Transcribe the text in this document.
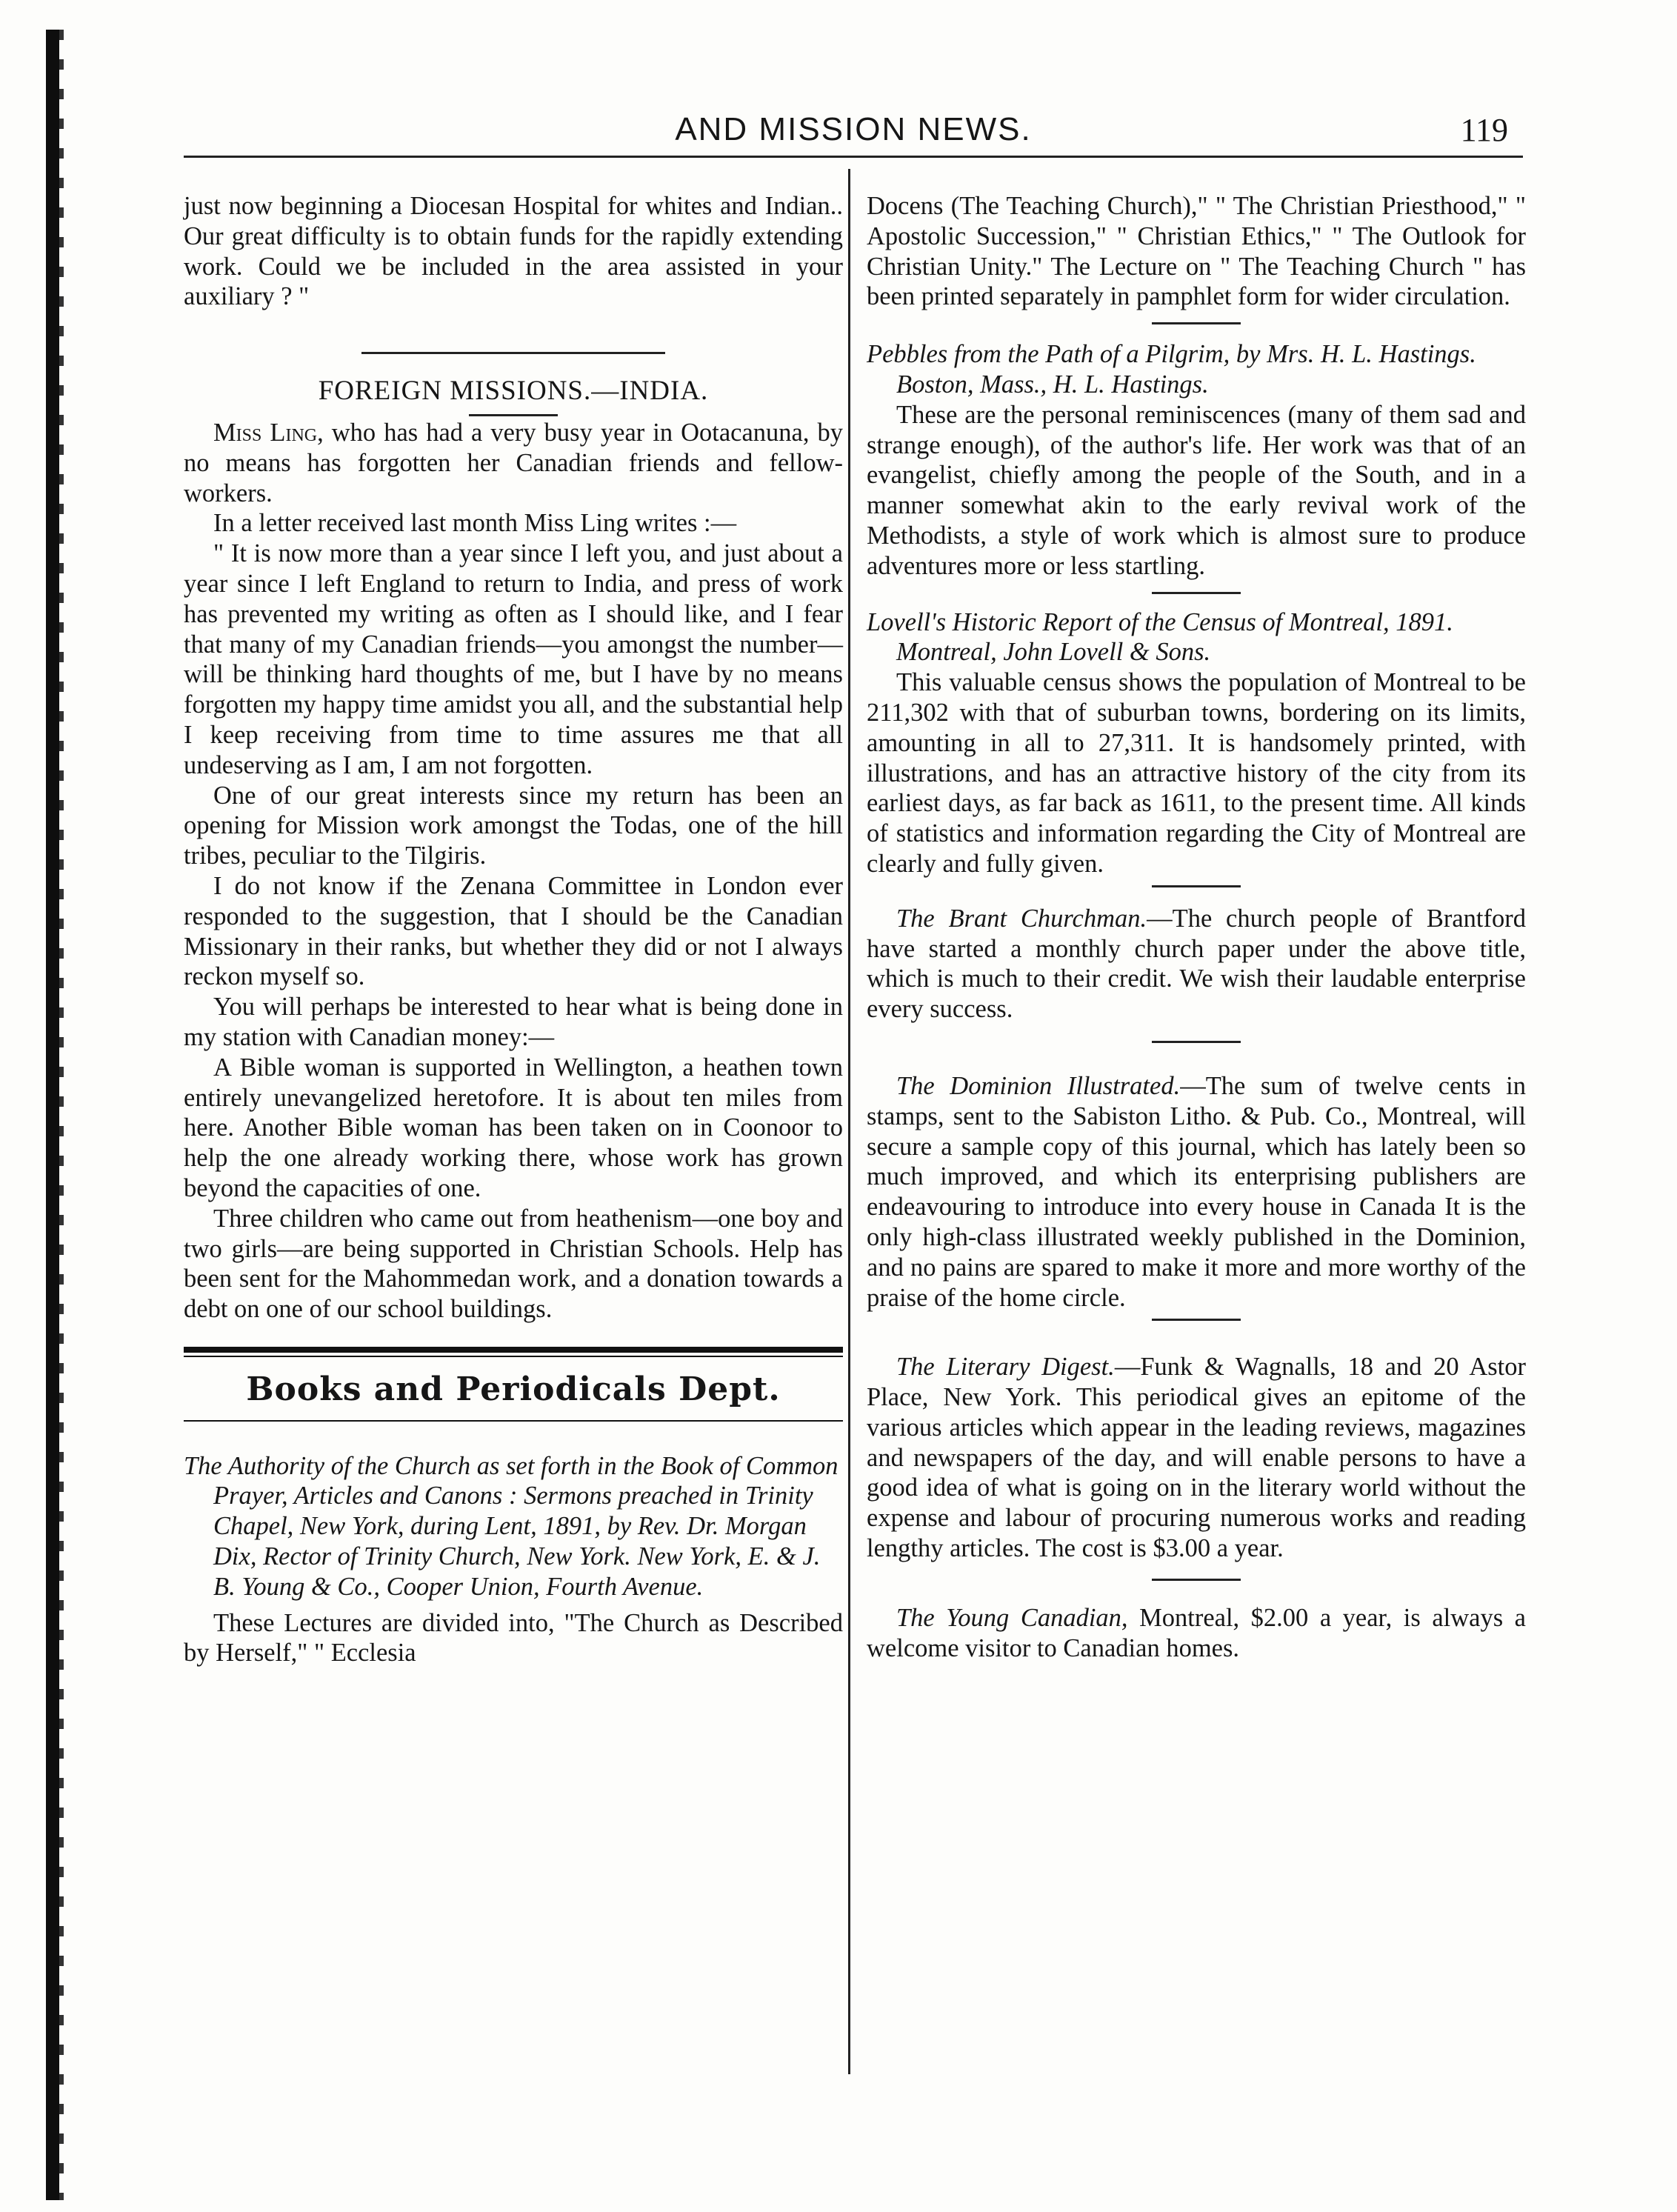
AND MISSION NEWS.	119

just now beginning a Diocesan Hospital for whites and Indian.. Our great difficulty is to obtain funds for the rapidly extending work. Could we be included in the area assisted in your auxiliary ? "

FOREIGN MISSIONS.—INDIA.

Miss Ling, who has had a very busy year in Ootacanuna, by no means has forgotten her Canadian friends and fellow-workers.

In a letter received last month Miss Ling writes :—

" It is now more than a year since I left you, and just about a year since I left England to return to India, and press of work has prevented my writing as often as I should like, and I fear that many of my Canadian friends—you amongst the number—will be thinking hard thoughts of me, but I have by no means forgotten my happy time amidst you all, and the substantial help I keep receiving from time to time assures me that all undeserving as I am, I am not forgotten.

One of our great interests since my return has been an opening for Mission work amongst the Todas, one of the hill tribes, peculiar to the Tilgiris.

I do not know if the Zenana Committee in London ever responded to the suggestion, that I should be the Canadian Missionary in their ranks, but whether they did or not I always reckon myself so.

You will perhaps be interested to hear what is being done in my station with Canadian money:—

A Bible woman is supported in Wellington, a heathen town entirely unevangelized heretofore. It is about ten miles from here. Another Bible woman has been taken on in Coonoor to help the one already working there, whose work has grown beyond the capacities of one.

Three children who came out from heathenism—one boy and two girls—are being supported in Christian Schools. Help has been sent for the Mahommedan work, and a donation towards a debt on one of our school buildings.

Books and Periodicals Dept.

The Authority of the Church as set forth in the Book of Common Prayer, Articles and Canons : Sermons preached in Trinity Chapel, New York, during Lent, 1891, by Rev. Dr. Morgan Dix, Rector of Trinity Church, New York. New York, E. & J. B. Young & Co., Cooper Union, Fourth Avenue.

These Lectures are divided into, "The Church as Described by Herself," " Ecclesia

Docens (The Teaching Church)," " The Christian Priesthood," " Apostolic Succession," " Christian Ethics," " The Outlook for Christian Unity." The Lecture on " The Teaching Church " has been printed separately in pamphlet form for wider circulation.

Pebbles from the Path of a Pilgrim, by Mrs. H. L. Hastings. Boston, Mass., H. L. Hastings.

These are the personal reminiscences (many of them sad and strange enough), of the author's life. Her work was that of an evangelist, chiefly among the people of the South, and in a manner somewhat akin to the early revival work of the Methodists, a style of work which is almost sure to produce adventures more or less startling.

Lovell's Historic Report of the Census of Montreal, 1891. Montreal, John Lovell & Sons.

This valuable census shows the population of Montreal to be 211,302 with that of suburban towns, bordering on its limits, amounting in all to 27,311. It is handsomely printed, with illustrations, and has an attractive history of the city from its earliest days, as far back as 1611, to the present time. All kinds of statistics and information regarding the City of Montreal are clearly and fully given.

The Brant Churchman.—The church people of Brantford have started a monthly church paper under the above title, which is much to their credit. We wish their laudable enterprise every success.

The Dominion Illustrated.—The sum of twelve cents in stamps, sent to the Sabiston Litho. & Pub. Co., Montreal, will secure a sample copy of this journal, which has lately been so much improved, and which its enterprising publishers are endeavouring to introduce into every house in Canada It is the only high-class illustrated weekly published in the Dominion, and no pains are spared to make it more and more worthy of the praise of the home circle.

The Literary Digest.—Funk & Wagnalls, 18 and 20 Astor Place, New York. This periodical gives an epitome of the various articles which appear in the leading reviews, magazines and newspapers of the day, and will enable persons to have a good idea of what is going on in the literary world without the expense and labour of procuring numerous works and reading lengthy articles. The cost is $3.00 a year.

The Young Canadian, Montreal, $2.00 a year, is always a welcome visitor to Canadian homes.
